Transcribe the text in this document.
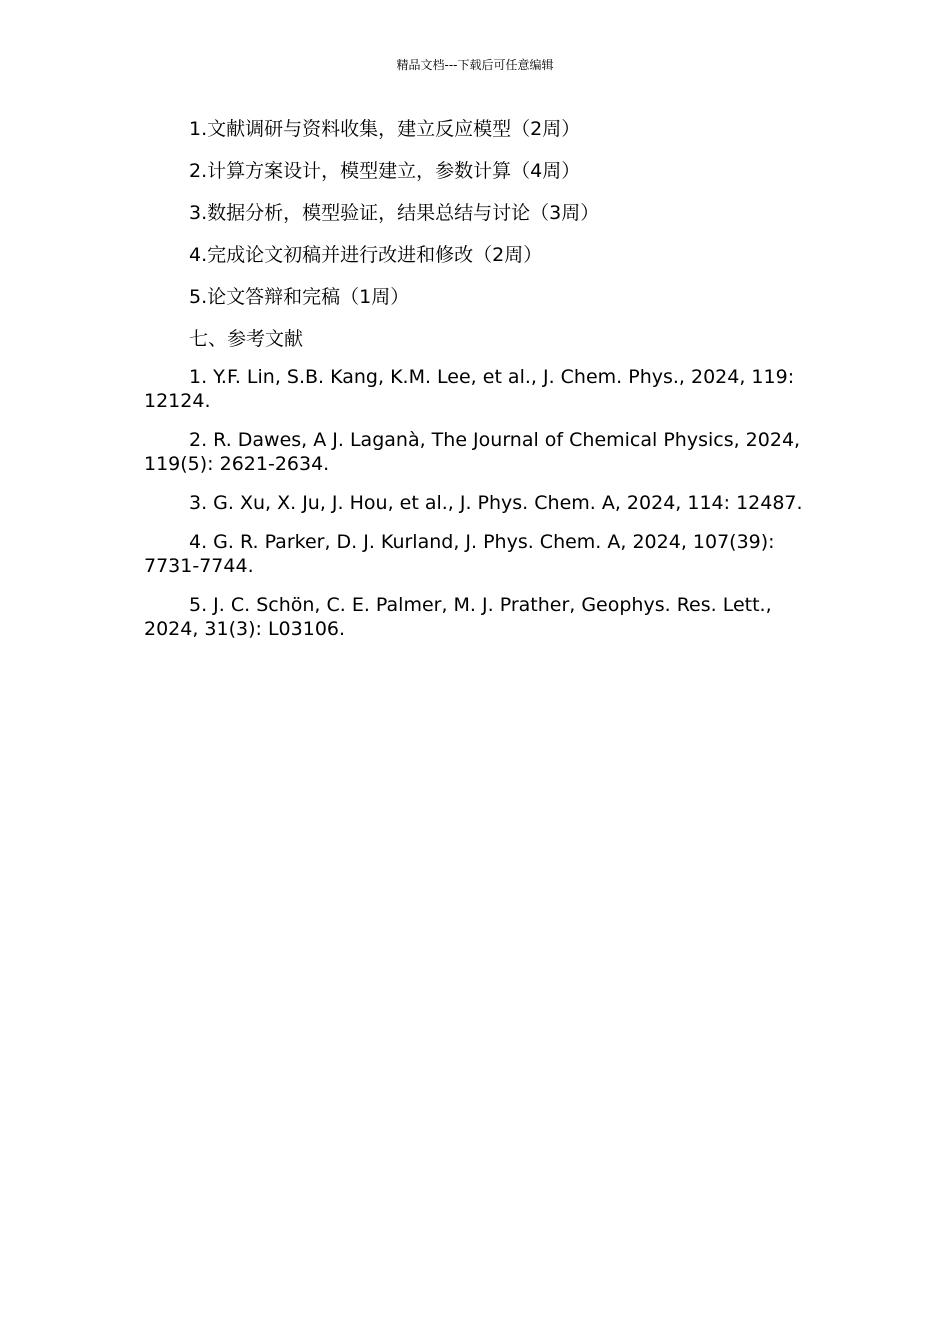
精品文档---下载后可任意编辑

1.文献调研与资料收集，建立反应模型（2周）

2.计算方案设计，模型建立，参数计算（4周）

3.数据分析，模型验证，结果总结与讨论（3周）

4.完成论文初稿并进行改进和修改（2周）

5.论文答辩和完稿（1周）

七、参考文献

1. Y.F. Lin, S.B. Kang, K.M. Lee, et al., J. Chem. Phys., 2024, 119: 12124.

2. R. Dawes, A J. Laganà, The Journal of Chemical Physics, 2024, 119(5): 2621-2634.

3. G. Xu, X. Ju, J. Hou, et al., J. Phys. Chem. A, 2024, 114: 12487.

4. G. R. Parker, D. J. Kurland, J. Phys. Chem. A, 2024, 107(39): 7731-7744.

5. J. C. Schön, C. E. Palmer, M. J. Prather, Geophys. Res. Lett., 2024, 31(3): L03106.
